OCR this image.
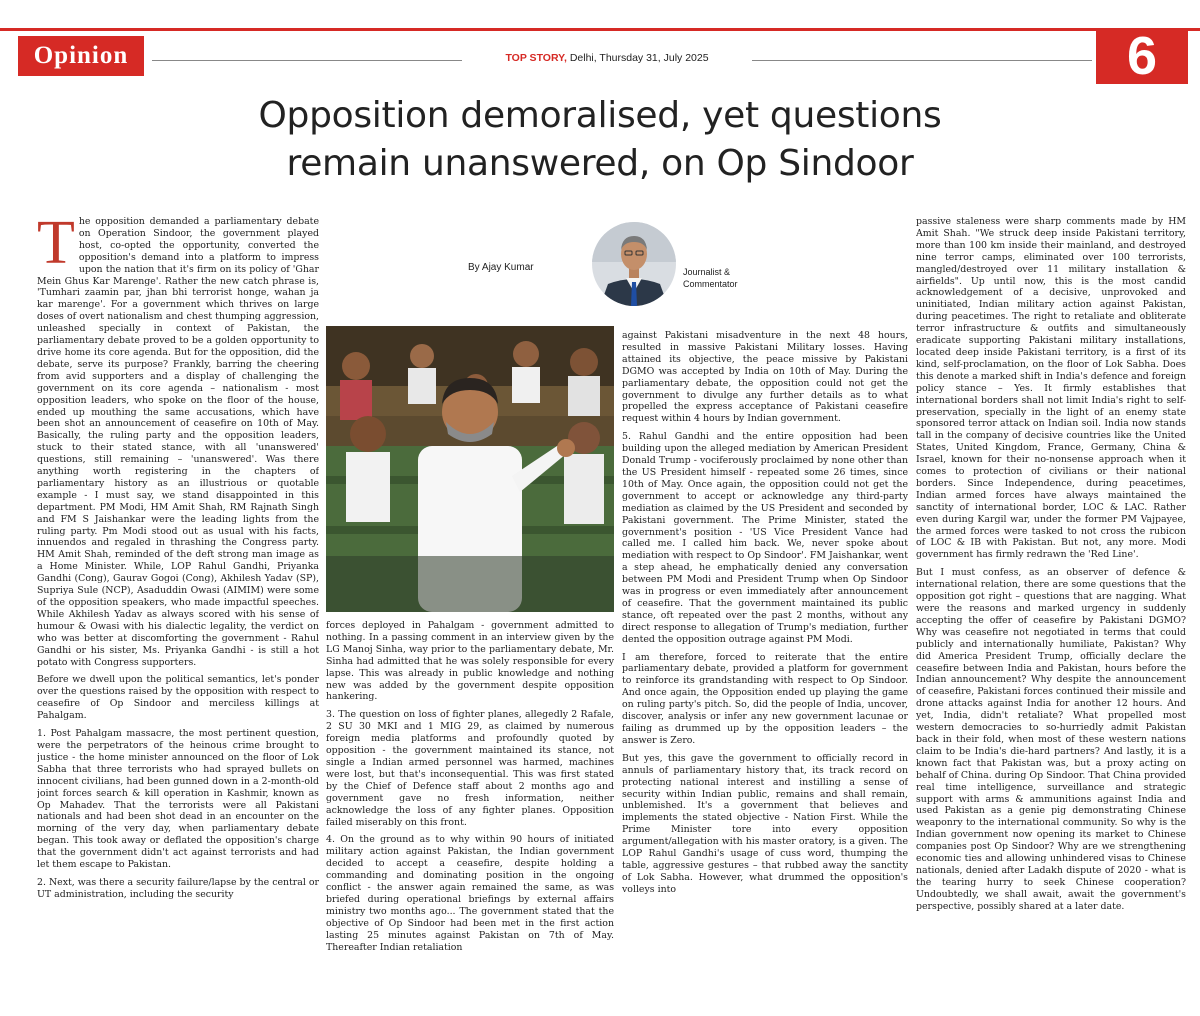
Opinion	TOP STORY, Delhi, Thursday 31, July 2025	6
Opposition demoralised, yet questions
remain unanswered, on Op Sindoor

The opposition demanded a parliamentary debate on Operation Sindoor, the government played host, co-opted the opportunity, converted the opposition's demand into a platform to impress upon the nation that it's firm on its policy of 'Ghar Mein Ghus Kar Marenge'. Rather the new catch phrase is, 'Tumhari zaamin par, jhan bhi terrorist honge, wahan ja kar marenge'. For a government which thrives on large doses of overt nationalism and chest thumping aggression, unleashed specially in context of Pakistan, the parliamentary debate proved to be a golden opportunity to drive home its core agenda. But for the opposition, did the debate, serve its purpose? Frankly, barring the cheering from avid supporters and a display of challenging the government on its core agenda – nationalism - most opposition leaders, who spoke on the floor of the house, ended up mouthing the same accusations, which have been shot an announcement of ceasefire on 10th of May. Basically, the ruling party and the opposition leaders, stuck to their stated stance, with all 'unanswered' questions, still remaining – 'unanswered'. Was there anything worth registering in the chapters of parliamentary history as an illustrious or quotable example - I must say, we stand disappointed in this department. PM Modi, HM Amit Shah, RM Rajnath Singh and FM S Jaishankar were the leading lights from the ruling party. Pm Modi stood out as usual with his facts, innuendos and regaled in thrashing the Congress party. HM Amit Shah, reminded of the deft strong man image as a Home Minister. While, LOP Rahul Gandhi, Priyanka Gandhi (Cong), Gaurav Gogoi (Cong), Akhilesh Yadav (SP), Supriya Sule (NCP), Asaduddin Owasi (AIMIM) were some of the opposition speakers, who made impactful speeches. While Akhilesh Yadav as always scored with his sense of humour & Owasi with his dialectic legality, the verdict on who was better at discomforting the government - Rahul Gandhi or his sister, Ms. Priyanka Gandhi - is still a hot potato with Congress supporters.

Before we dwell upon the political semantics, let's ponder over the questions raised by the opposition with respect to ceasefire of Op Sindoor and merciless killings at Pahalgam.

1. Post Pahalgam massacre, the most pertinent question, were the perpetrators of the heinous crime brought to justice - the home minister announced on the floor of Lok Sabha that three terrorists who had sprayed bullets on innocent civilians, had been gunned down in a 2-month-old joint forces search & kill operation in Kashmir, known as Op Mahadev. That the terrorists were all Pakistani nationals and had been shot dead in an encounter on the morning of the very day, when parliamentary debate began. This took away or deflated the opposition's charge that the government didn't act against terrorists and had let them escape to Pakistan.

2. Next, was there a security failure/lapse by the central or UT administration, including the security

By Ajay Kumar	Journalist &
Commentator

forces deployed in Pahalgam - government admitted to nothing. In a passing comment in an interview given by the LG Manoj Sinha, way prior to the parliamentary debate, Mr. Sinha had admitted that he was solely responsible for every lapse. This was already in public knowledge and nothing new was added by the government despite opposition hankering.

3. The question on loss of fighter planes, allegedly 2 Rafale, 2 SU 30 MKI and 1 MIG 29, as claimed by numerous foreign media platforms and profoundly quoted by opposition - the government maintained its stance, not single a Indian armed personnel was harmed, machines were lost, but that's inconsequential. This was first stated by the Chief of Defence staff about 2 months ago and government gave no fresh information, neither acknowledge the loss of any fighter planes. Opposition failed miserably on this front.

4. On the ground as to why within 90 hours of initiated military action against Pakistan, the Indian government decided to accept a ceasefire, despite holding a commanding and dominating position in the ongoing conflict - the answer again remained the same, as was briefed during operational briefings by external affairs ministry two months ago... The government stated that the objective of Op Sindoor had been met in the first action lasting 25 minutes against Pakistan on 7th of May. Thereafter Indian retaliation

against Pakistani misadventure in the next 48 hours, resulted in massive Pakistani Military losses. Having attained its objective, the peace missive by Pakistani DGMO was accepted by India on 10th of May. During the parliamentary debate, the opposition could not get the government to divulge any further details as to what propelled the express acceptance of Pakistani ceasefire request within 4 hours by Indian government.

5. Rahul Gandhi and the entire opposition had been building upon the alleged mediation by American President Donald Trump - vociferously proclaimed by none other than the US President himself - repeated some 26 times, since 10th of May. Once again, the opposition could not get the government to accept or acknowledge any third-party mediation as claimed by the US President and seconded by Pakistani government. The Prime Minister, stated the government's position - 'US Vice President Vance had called me. I called him back. We, never spoke about mediation with respect to Op Sindoor'. FM Jaishankar, went a step ahead, he emphatically denied any conversation between PM Modi and President Trump when Op Sindoor was in progress or even immediately after announcement of ceasefire. That the government maintained its public stance, oft repeated over the past 2 months, without any direct response to allegation of Trump's mediation, further dented the opposition outrage against PM Modi.

I am therefore, forced to reiterate that the entire parliamentary debate, provided a platform for government to reinforce its grandstanding with respect to Op Sindoor. And once again, the Opposition ended up playing the game on ruling party's pitch. So, did the people of India, uncover, discover, analysis or infer any new government lacunae or failing as drummed up by the opposition leaders – the answer is Zero.

But yes, this gave the government to officially record in annuls of parliamentary history that, its track record on protecting national interest and instilling a sense of security within Indian public, remains and shall remain, unblemished. It's a government that believes and implements the stated objective - Nation First. While the Prime Minister tore into every opposition argument/allegation with his master oratory, is a given. The LOP Rahul Gandhi's usage of cuss word, thumping the table, aggressive gestures – that rubbed away the sanctity of Lok Sabha. However, what drummed the opposition's volleys into

passive staleness were sharp comments made by HM Amit Shah. "We struck deep inside Pakistani territory, more than 100 km inside their mainland, and destroyed nine terror camps, eliminated over 100 terrorists, mangled/destroyed over 11 military installation & airfields". Up until now, this is the most candid acknowledgement of a decisive, unprovoked and uninitiated, Indian military action against Pakistan, during peacetimes. The right to retaliate and obliterate terror infrastructure & outfits and simultaneously eradicate supporting Pakistani military installations, located deep inside Pakistani territory, is a first of its kind, self-proclamation, on the floor of Lok Sabha. Does this denote a marked shift in India's defence and foreign policy stance – Yes. It firmly establishes that international borders shall not limit India's right to self-preservation, specially in the light of an enemy state sponsored terror attack on Indian soil. India now stands tall in the company of decisive countries like the United States, United Kingdom, France, Germany, China & Israel, known for their no-nonsense approach when it comes to protection of civilians or their national borders. Since Independence, during peacetimes, Indian armed forces have always maintained the sanctity of international border, LOC & LAC. Rather even during Kargil war, under the former PM Vajpayee, the armed forces were tasked to not cross the rubicon of LOC & IB with Pakistan. But not, any more. Modi government has firmly redrawn the 'Red Line'.

But I must confess, as an observer of defence & international relation, there are some questions that the opposition got right – questions that are nagging. What were the reasons and marked urgency in suddenly accepting the offer of ceasefire by Pakistani DGMO? Why was ceasefire not negotiated in terms that could publicly and internationally humiliate, Pakistan? Why did America President Trump, officially declare the ceasefire between India and Pakistan, hours before the Indian announcement? Why despite the announcement of ceasefire, Pakistani forces continued their missile and drone attacks against India for another 12 hours. And yet, India, didn't retaliate? What propelled most western democracies to so-hurriedly admit Pakistan back in their fold, when most of these western nations claim to be India's die-hard partners? And lastly, it is a known fact that Pakistan was, but a proxy acting on behalf of China. during Op Sindoor. That China provided real time intelligence, surveillance and strategic support with arms & ammunitions against India and used Pakistan as a genie pig demonstrating Chinese weaponry to the international community. So why is the Indian government now opening its market to Chinese companies post Op Sindoor? Why are we strengthening economic ties and allowing unhindered visas to Chinese nationals, denied after Ladakh dispute of 2020 - what is the tearing hurry to seek Chinese cooperation? Undoubtedly, we shall await, await the government's perspective, possibly shared at a later date.
